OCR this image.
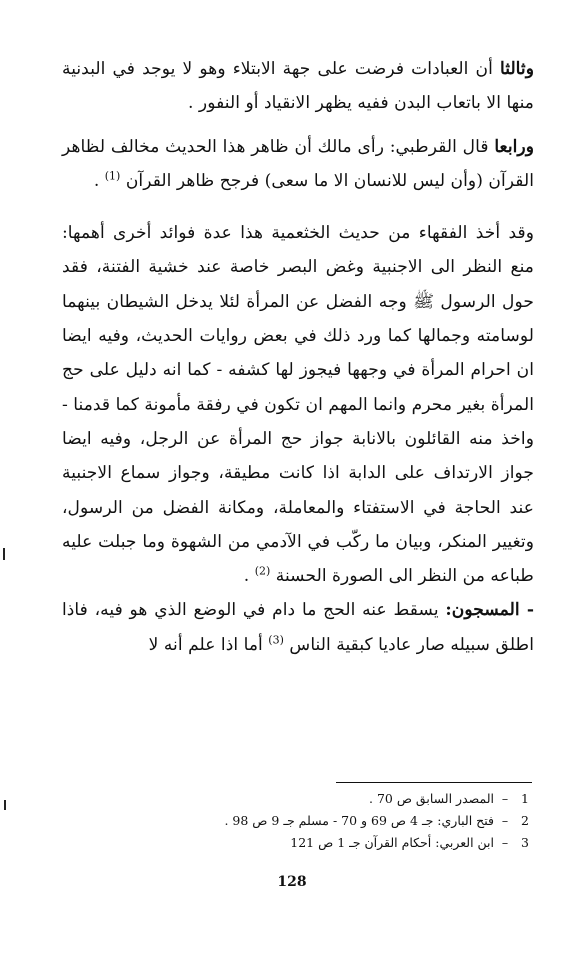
وثالثا أن العبادات فرضت على جهة الابتلاء وهو لا يوجد في البدنية منها الا باتعاب البدن ففيه يظهر الانقياد أو النفور .

ورابعا قال القرطبي: رأى مالك أن ظاهر هذا الحديث مخالف لظاهر القرآن (وأن ليس للانسان الا ما سعى) فرجح ظاهر القرآن $^{(1)}$ .

وقد أخذ الفقهاء من حديث الخثعمية هذا عدة فوائد أخرى أهمها: منع النظر الى الاجنبية وغض البصر خاصة عند خشية الفتنة، فقد حول الرسول ﷺ وجه الفضل عن المرأة لئلا يدخل الشيطان بينهما لوسامته وجمالها كما ورد ذلك في بعض روايات الحديث، وفيه ايضا ان احرام المرأة في وجهها فيجوز لها كشفه - كما انه دليل على حج المرأة بغير محرم وانما المهم ان تكون في رفقة مأمونة كما قدمنا - واخذ منه القائلون بالانابة جواز حج المرأة عن الرجل، وفيه ايضا جواز الارتداف على الدابة اذا كانت مطيقة، وجواز سماع الاجنبية عند الحاجة في الاستفتاء والمعاملة، ومكانة الفضل من الرسول، وتغيير المنكر، وبيان ما ركّب في الآدمي من الشهوة وما جبلت عليه طباعه من النظر الى الصورة الحسنة $^{(2)}$ .

- المسجون: يسقط عنه الحج ما دام في الوضع الذي هو فيه، فاذا اطلق سبيله صار عاديا كبقية الناس $^{(3)}$ أما اذا علم أنه لا

1
–
المصدر السابق ص 70 .
2
–
فتح الباري: جـ 4 ص 69 و 70 - مسلم جـ 9 ص 98 .
3
–
ابن العربي: أحكام القرآن جـ 1 ص 121
128
